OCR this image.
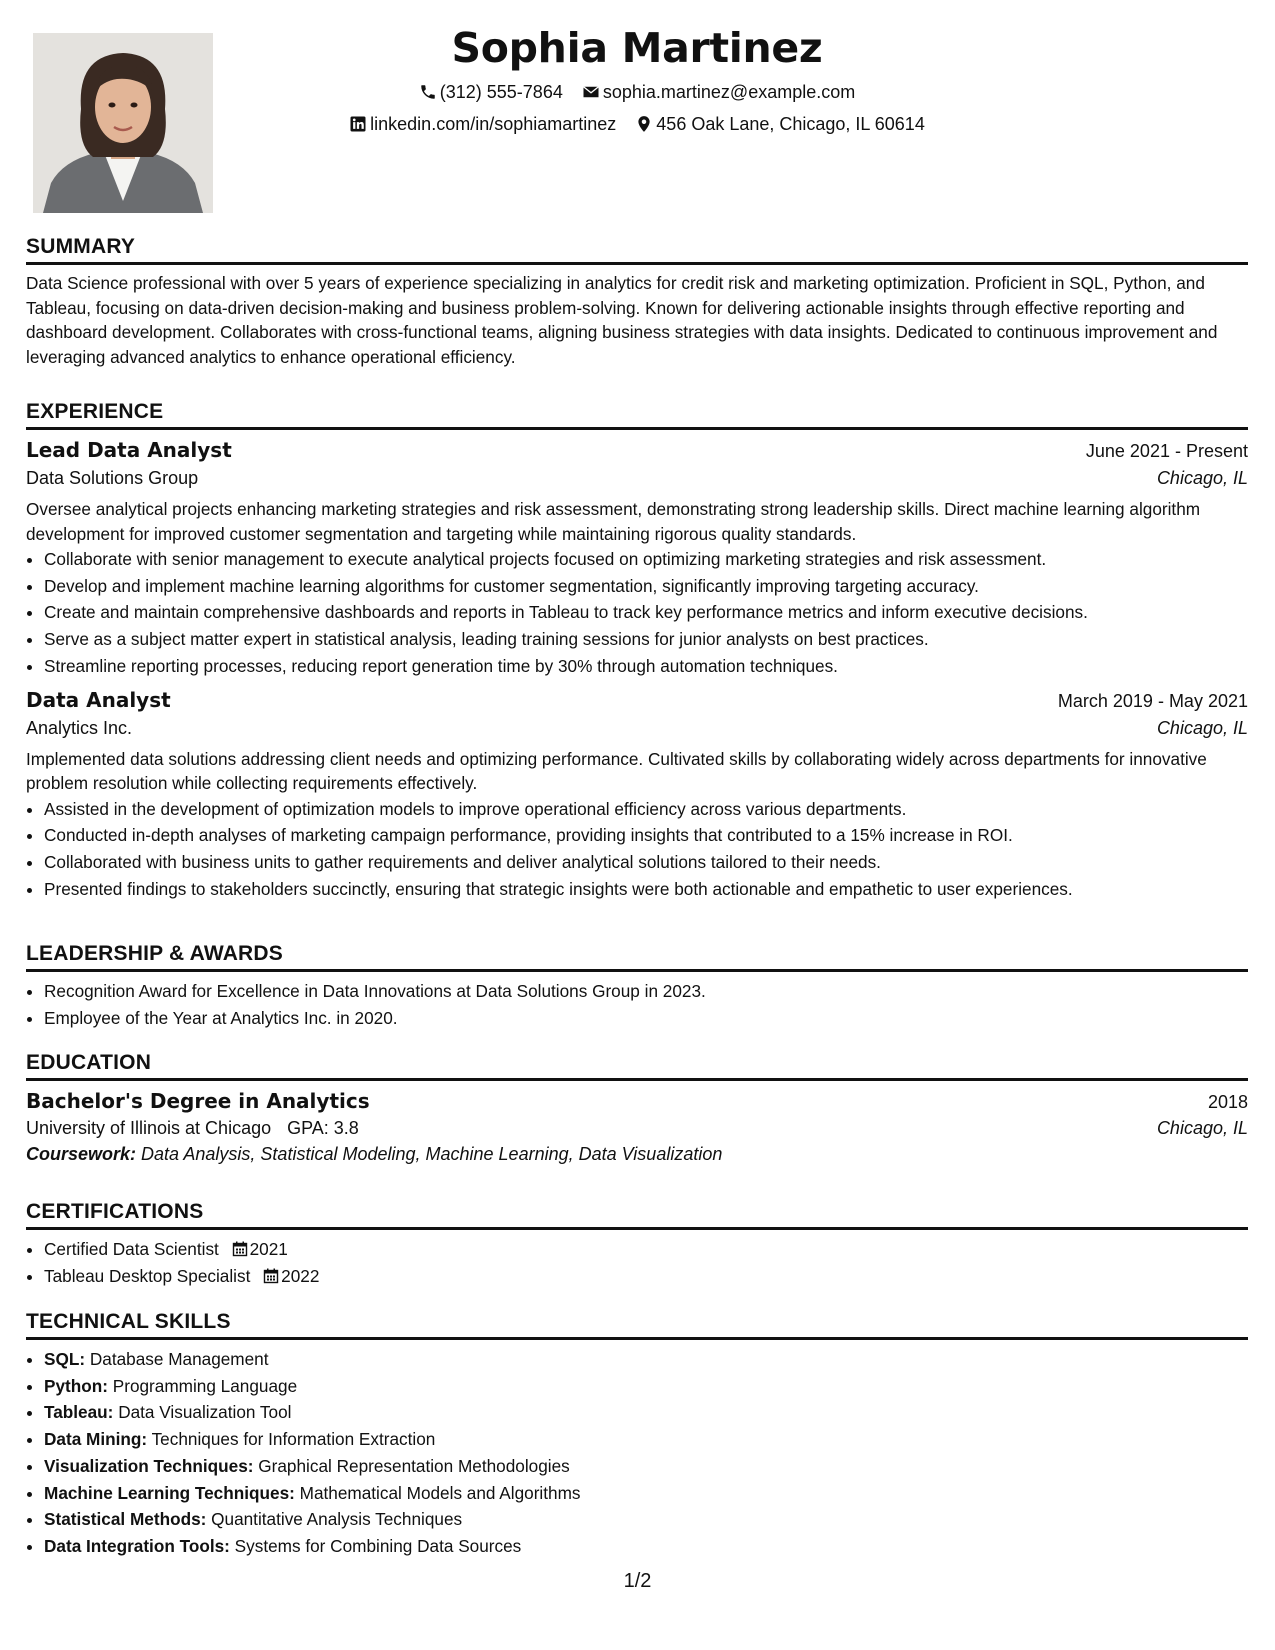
Sophia Martinez
(312) 555-7864 sophia.martinez@example.com
linkedin.com/in/sophiamartinez 456 Oak Lane, Chicago, IL 60614
SUMMARY
Data Science professional with over 5 years of experience specializing in analytics for credit risk and marketing optimization. Proficient in SQL, Python, and Tableau, focusing on data-driven decision-making and business problem-solving. Known for delivering actionable insights through effective reporting and dashboard development. Collaborates with cross-functional teams, aligning business strategies with data insights. Dedicated to continuous improvement and leveraging advanced analytics to enhance operational efficiency.
EXPERIENCE
Lead Data Analyst	June 2021 - Present
Data Solutions Group	Chicago, IL
Oversee analytical projects enhancing marketing strategies and risk assessment, demonstrating strong leadership skills. Direct machine learning algorithm development for improved customer segmentation and targeting while maintaining rigorous quality standards.
• Collaborate with senior management to execute analytical projects focused on optimizing marketing strategies and risk assessment.
• Develop and implement machine learning algorithms for customer segmentation, significantly improving targeting accuracy.
• Create and maintain comprehensive dashboards and reports in Tableau to track key performance metrics and inform executive decisions.
• Serve as a subject matter expert in statistical analysis, leading training sessions for junior analysts on best practices.
• Streamline reporting processes, reducing report generation time by 30% through automation techniques.
Data Analyst	March 2019 - May 2021
Analytics Inc.	Chicago, IL
Implemented data solutions addressing client needs and optimizing performance. Cultivated skills by collaborating widely across departments for innovative problem resolution while collecting requirements effectively.
• Assisted in the development of optimization models to improve operational efficiency across various departments.
• Conducted in-depth analyses of marketing campaign performance, providing insights that contributed to a 15% increase in ROI.
• Collaborated with business units to gather requirements and deliver analytical solutions tailored to their needs.
• Presented findings to stakeholders succinctly, ensuring that strategic insights were both actionable and empathetic to user experiences.
LEADERSHIP & AWARDS
• Recognition Award for Excellence in Data Innovations at Data Solutions Group in 2023.
• Employee of the Year at Analytics Inc. in 2020.
EDUCATION
Bachelor's Degree in Analytics	2018
University of Illinois at Chicago GPA: 3.8	Chicago, IL
Coursework: Data Analysis, Statistical Modeling, Machine Learning, Data Visualization
CERTIFICATIONS
• Certified Data Scientist 2021
• Tableau Desktop Specialist 2022
TECHNICAL SKILLS
• SQL: Database Management
• Python: Programming Language
• Tableau: Data Visualization Tool
• Data Mining: Techniques for Information Extraction
• Visualization Techniques: Graphical Representation Methodologies
• Machine Learning Techniques: Mathematical Models and Algorithms
• Statistical Methods: Quantitative Analysis Techniques
• Data Integration Tools: Systems for Combining Data Sources
1/2
